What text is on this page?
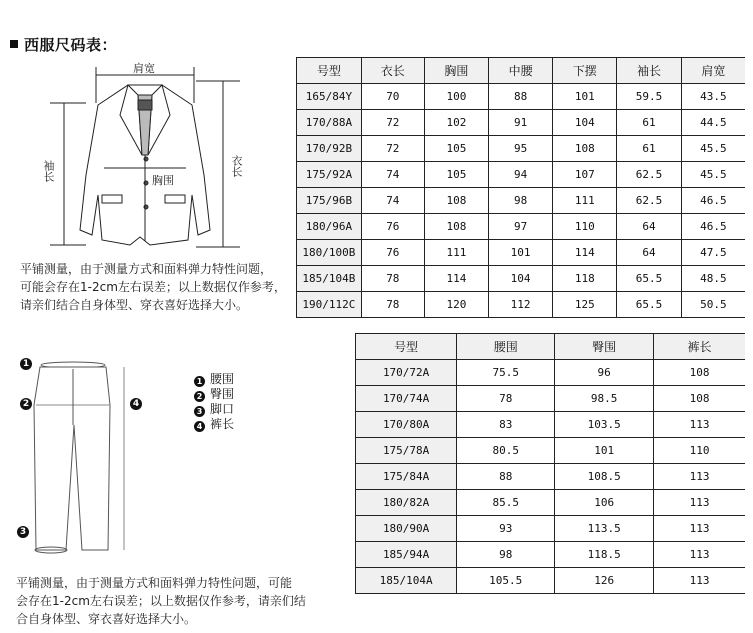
西服尺码表：
肩宽
袖长	衣长
胸围
平铺测量，由于测量方式和面料弹力特性问题，
可能会存在1-2cm左右误差；以上数据仅作参考，
请亲们结合自身体型、穿衣喜好选择大小。
号型	衣长	胸围	中腰	下摆	袖长	肩宽
165/84Y	70	100	88	101	59.5	43.5
170/88A	72	102	91	104	61	44.5
170/92B	72	105	95	108	61	45.5
175/92A	74	105	94	107	62.5	45.5
175/96B	74	108	98	111	62.5	46.5
180/96A	76	108	97	110	64	46.5
180/100B	76	111	101	114	64	47.5
185/104B	78	114	104	118	65.5	48.5
190/112C	78	120	112	125	65.5	50.5
1
2
3
4
1 腰围
2 臀围
3 脚口
4 裤长
平铺测量，由于测量方式和面料弹力特性问题，可能
会存在1-2cm左右误差；以上数据仅作参考，请亲们结
合自身体型、穿衣喜好选择大小。
号型	腰围	臀围	裤长
170/72A	75.5	96	108
170/74A	78	98.5	108
170/80A	83	103.5	113
175/78A	80.5	101	110
175/84A	88	108.5	113
180/82A	85.5	106	113
180/90A	93	113.5	113
185/94A	98	118.5	113
185/104A	105.5	126	113
